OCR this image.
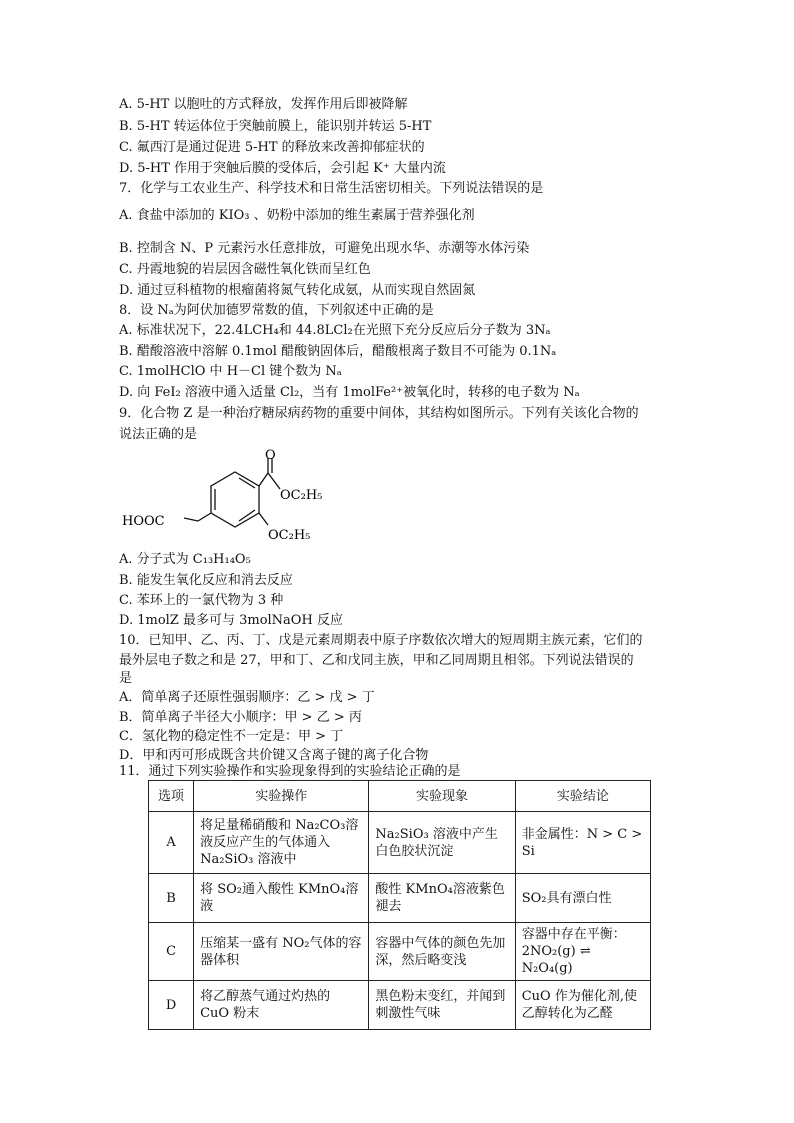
A. 5-HT 以胞吐的方式释放，发挥作用后即被降解
B. 5-HT 转运体位于突触前膜上，能识别并转运 5-HT
C. 氟西汀是通过促进 5-HT 的释放来改善抑郁症状的
D. 5-HT 作用于突触后膜的受体后，会引起 K⁺ 大量内流
7．化学与工农业生产、科学技术和日常生活密切相关。下列说法错误的是
A. 食盐中添加的 KIO₃ 、奶粉中添加的维生素属于营养强化剂
B. 控制含 N、P 元素污水任意排放，可避免出现水华、赤潮等水体污染
C. 丹霞地貌的岩层因含磁性氧化铁而呈红色
D. 通过豆科植物的根瘤菌将氮气转化成氨，从而实现自然固氮
8．设 Nₐ为阿伏加德罗常数的值，下列叙述中正确的是
A. 标准状况下，22.4LCH₄和 44.8LCl₂在光照下充分反应后分子数为 3Nₐ
B. 醋酸溶液中溶解 0.1mol 醋酸钠固体后，醋酸根离子数目不可能为 0.1Nₐ
C. 1molHClO 中 H－Cl 键个数为 Nₐ
D. 向 FeI₂ 溶液中通入适量 Cl₂，当有 1molFe²⁺被氧化时，转移的电子数为 Nₐ
9．化合物 Z 是一种治疗糖尿病药物的重要中间体，其结构如图所示。下列有关该化合物的
说法正确的是
O
OC₂H₅
OC₂H₅
HOOC
A. 分子式为 C₁₃H₁₄O₅
B. 能发生氧化反应和消去反应
C. 苯环上的一氯代物为 3 种
D. 1molZ 最多可与 3molNaOH 反应
10．已知甲、乙、丙、丁、戊是元素周期表中原子序数依次增大的短周期主族元素，它们的
最外层电子数之和是 27，甲和丁、乙和戊同主族，甲和乙同周期且相邻。下列说法错误的
是
A．简单离子还原性强弱顺序：乙 > 戊 > 丁
B．简单离子半径大小顺序：甲 > 乙 > 丙
C．氢化物的稳定性不一定是：甲 > 丁
D．甲和丙可形成既含共价键又含离子键的离子化合物
11．通过下列实验操作和实验现象得到的实验结论正确的是
选项	实验操作	实验现象	实验结论
A	将足量稀硝酸和 Na₂CO₃溶液反应产生的气体通入 Na₂SiO₃ 溶液中	Na₂SiO₃ 溶液中产生白色胶状沉淀	非金属性：N > C > Si
B	将 SO₂通入酸性 KMnO₄溶液	酸性 KMnO₄溶液紫色褪去	SO₂具有漂白性
C	压缩某一盛有 NO₂气体的容器体积	容器中气体的颜色先加深，然后略变浅	容器中存在平衡：2NO₂(g) ⇌ N₂O₄(g)
D	将乙醇蒸气通过灼热的 CuO 粉末	黑色粉末变红，并闻到刺激性气味	CuO 作为催化剂,使乙醇转化为乙醛
